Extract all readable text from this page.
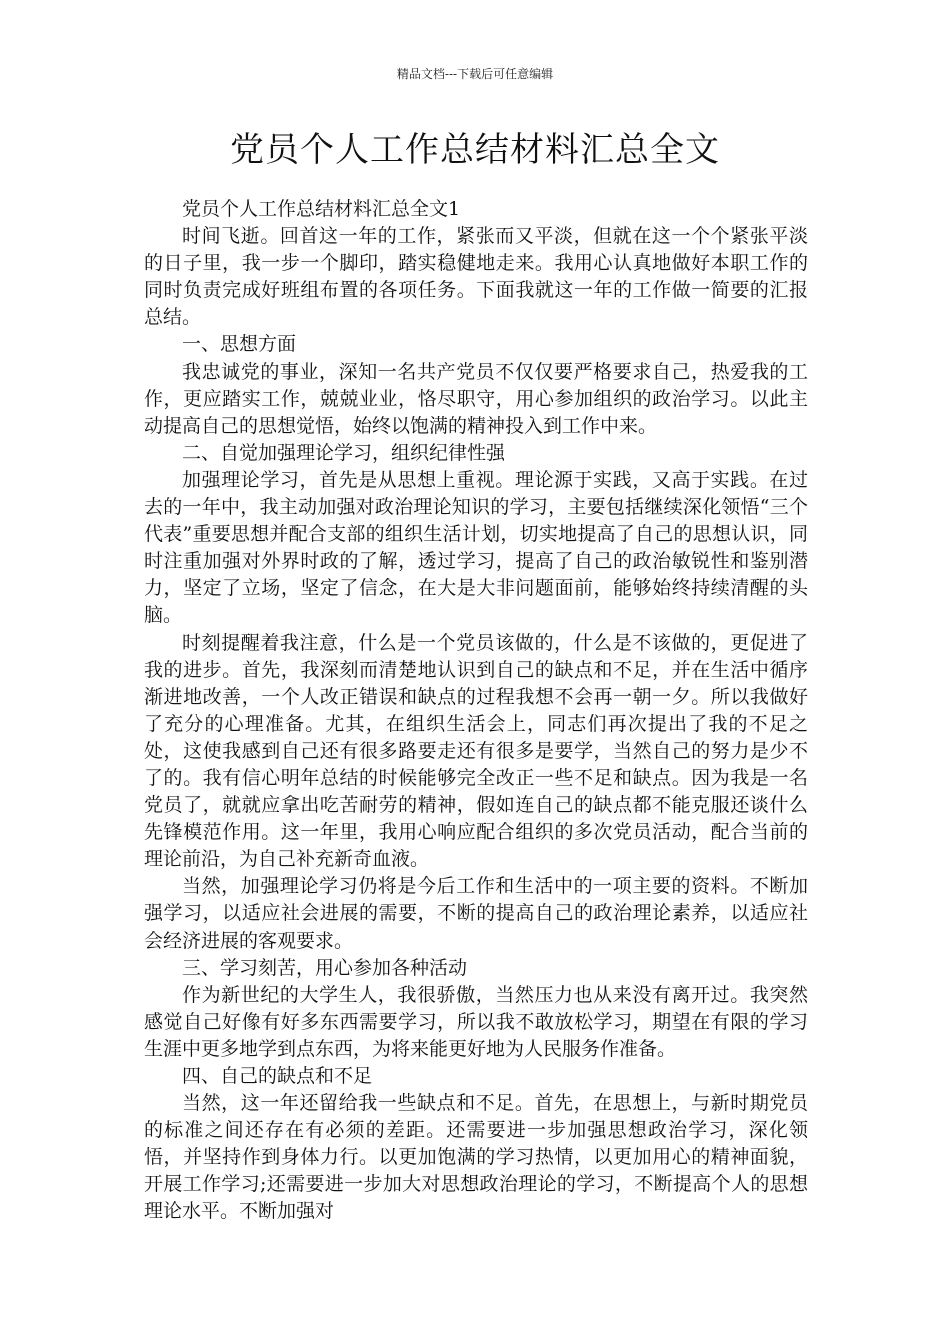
精品文档---下载后可任意编辑
党员个人工作总结材料汇总全文

党员个人工作总结材料汇总全文1

时间飞逝。回首这一年的工作，紧张而又平淡，但就在这一个个紧张平淡的日子里，我一步一个脚印，踏实稳健地走来。我用心认真地做好本职工作的同时负责完成好班组布置的各项任务。下面我就这一年的工作做一简要的汇报总结。

一、思想方面

我忠诚党的事业，深知一名共产党员不仅仅要严格要求自己，热爱我的工作，更应踏实工作，兢兢业业，恪尽职守，用心参加组织的政治学习。以此主动提高自己的思想觉悟，始终以饱满的精神投入到工作中来。

二、自觉加强理论学习，组织纪律性强

加强理论学习，首先是从思想上重视。理论源于实践，又高于实践。在过去的一年中，我主动加强对政治理论知识的学习，主要包括继续深化领悟“三个代表”重要思想并配合支部的组织生活计划，切实地提高了自己的思想认识，同时注重加强对外界时政的了解，透过学习，提高了自己的政治敏锐性和鉴别潜力，坚定了立场，坚定了信念，在大是大非问题面前，能够始终持续清醒的头脑。

时刻提醒着我注意，什么是一个党员该做的，什么是不该做的，更促进了我的进步。首先，我深刻而清楚地认识到自己的缺点和不足，并在生活中循序渐进地改善，一个人改正错误和缺点的过程我想不会再一朝一夕。所以我做好了充分的心理准备。尤其，在组织生活会上，同志们再次提出了我的不足之处，这使我感到自己还有很多路要走还有很多是要学，当然自己的努力是少不了的。我有信心明年总结的时候能够完全改正一些不足和缺点。因为我是一名党员了，就就应拿出吃苦耐劳的精神，假如连自己的缺点都不能克服还谈什么先锋模范作用。这一年里，我用心响应配合组织的多次党员活动，配合当前的理论前沿，为自己补充新奇血液。

当然，加强理论学习仍将是今后工作和生活中的一项主要的资料。不断加强学习，以适应社会进展的需要，不断的提高自己的政治理论素养，以适应社会经济进展的客观要求。

三、学习刻苦，用心参加各种活动

作为新世纪的大学生人，我很骄傲，当然压力也从来没有离开过。我突然感觉自己好像有好多东西需要学习，所以我不敢放松学习，期望在有限的学习生涯中更多地学到点东西，为将来能更好地为人民服务作准备。

四、自己的缺点和不足

当然，这一年还留给我一些缺点和不足。首先，在思想上，与新时期党员的标准之间还存在有必须的差距。还需要进一步加强思想政治学习，深化领悟，并坚持作到身体力行。以更加饱满的学习热情，以更加用心的精神面貌，开展工作学习;还需要进一步加大对思想政治理论的学习，不断提高个人的思想理论水平。不断加强对
